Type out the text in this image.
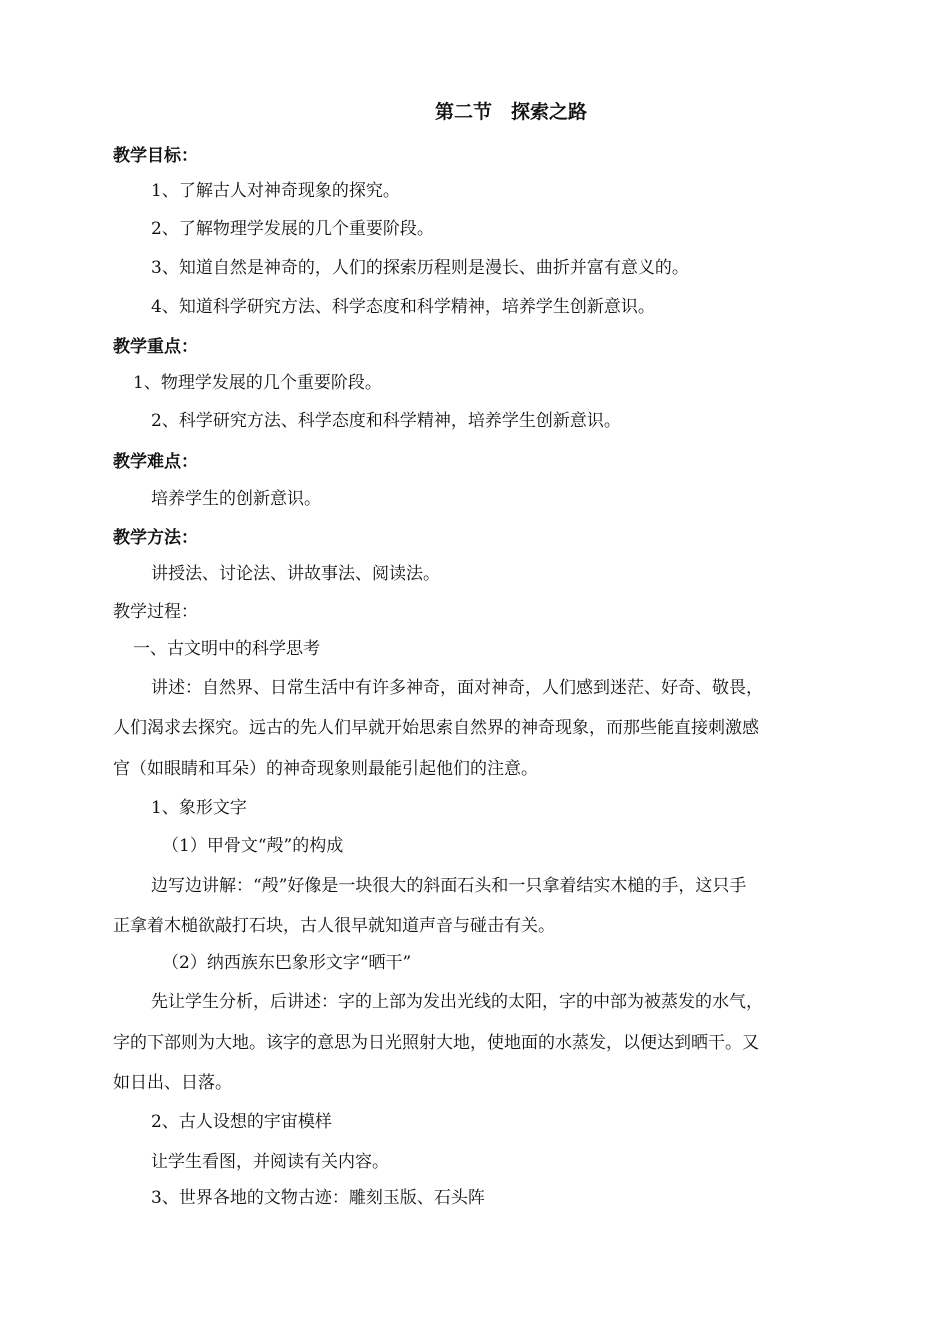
第二节　探索之路
教学目标：
1、了解古人对神奇现象的探究。
2、了解物理学发展的几个重要阶段。
3、知道自然是神奇的，人们的探索历程则是漫长、曲折并富有意义的。
4、知道科学研究方法、科学态度和科学精神，培养学生创新意识。
教学重点：
1、物理学发展的几个重要阶段。
2、科学研究方法、科学态度和科学精神，培养学生创新意识。
教学难点：
培养学生的创新意识。
教学方法：
讲授法、讨论法、讲故事法、阅读法。
教学过程：
一、古文明中的科学思考
讲述：自然界、日常生活中有许多神奇，面对神奇，人们感到迷茫、好奇、敬畏，
人们渴求去探究。远古的先人们早就开始思索自然界的神奇现象，而那些能直接刺激感
官（如眼睛和耳朵）的神奇现象则最能引起他们的注意。
1、象形文字
（1）甲骨文“殸”的构成
边写边讲解：“殸”好像是一块很大的斜面石头和一只拿着结实木槌的手，这只手
正拿着木槌欲敲打石块，古人很早就知道声音与碰击有关。
（2）纳西族东巴象形文字“晒干”
先让学生分析，后讲述：字的上部为发出光线的太阳，字的中部为被蒸发的水气，
字的下部则为大地。该字的意思为日光照射大地，使地面的水蒸发，以便达到晒干。又
如日出、日落。
2、古人设想的宇宙模样
让学生看图，并阅读有关内容。
3、世界各地的文物古迹：雕刻玉版、石头阵
